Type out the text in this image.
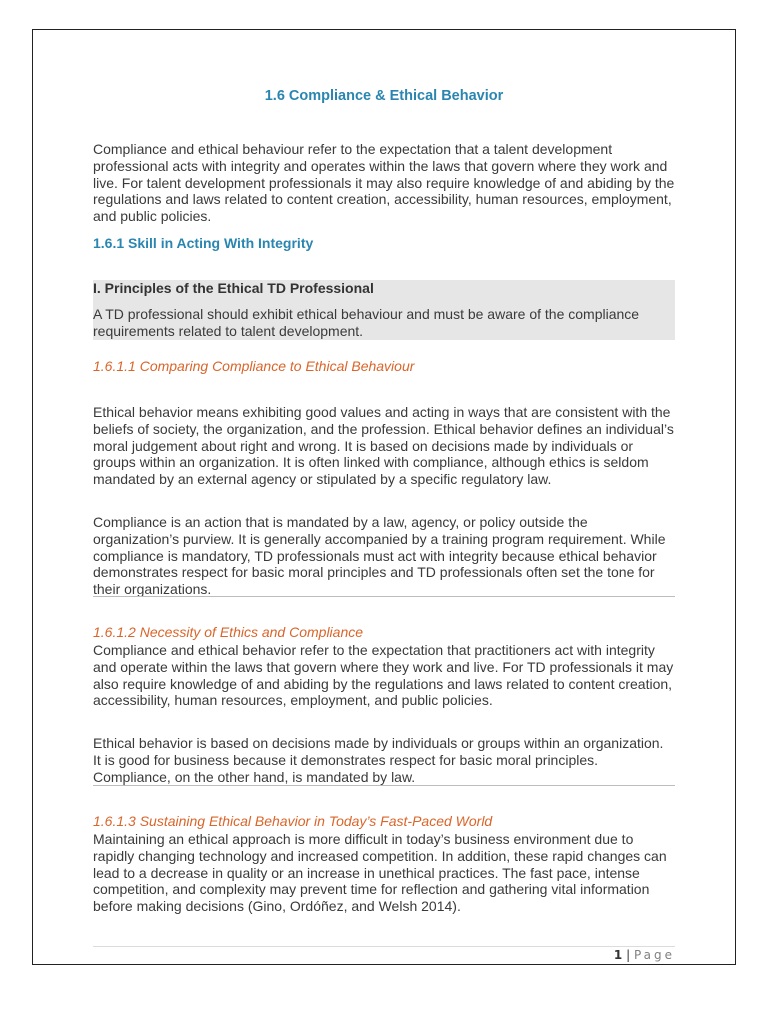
1.6 Compliance & Ethical Behavior

Compliance and ethical behaviour refer to the expectation that a talent development professional acts with integrity and operates within the laws that govern where they work and live. For talent development professionals it may also require knowledge of and abiding by the regulations and laws related to content creation, accessibility, human resources, employment, and public policies.

1.6.1 Skill in Acting With Integrity
I. Principles of the Ethical TD Professional

A TD professional should exhibit ethical behaviour and must be aware of the compliance requirements related to talent development.

1.6.1.1 Comparing Compliance to Ethical Behaviour

Ethical behavior means exhibiting good values and acting in ways that are consistent with the beliefs of society, the organization, and the profession. Ethical behavior defines an individual’s moral judgement about right and wrong. It is based on decisions made by individuals or groups within an organization. It is often linked with compliance, although ethics is seldom mandated by an external agency or stipulated by a specific regulatory law.

Compliance is an action that is mandated by a law, agency, or policy outside the organization’s purview. It is generally accompanied by a training program requirement. While compliance is mandatory, TD professionals must act with integrity because ethical behavior demonstrates respect for basic moral principles and TD professionals often set the tone for their organizations.

1.6.1.2 Necessity of Ethics and Compliance

Compliance and ethical behavior refer to the expectation that practitioners act with integrity and operate within the laws that govern where they work and live. For TD professionals it may also require knowledge of and abiding by the regulations and laws related to content creation, accessibility, human resources, employment, and public policies.

Ethical behavior is based on decisions made by individuals or groups within an organization. It is good for business because it demonstrates respect for basic moral principles. Compliance, on the other hand, is mandated by law.

1.6.1.3 Sustaining Ethical Behavior in Today’s Fast-Paced World

Maintaining an ethical approach is more difficult in today’s business environment due to rapidly changing technology and increased competition. In addition, these rapid changes can lead to a decrease in quality or an increase in unethical practices. The fast pace, intense competition, and complexity may prevent time for reflection and gathering vital information before making decisions (Gino, Ordóñez, and Welsh 2014).

1 | Page
